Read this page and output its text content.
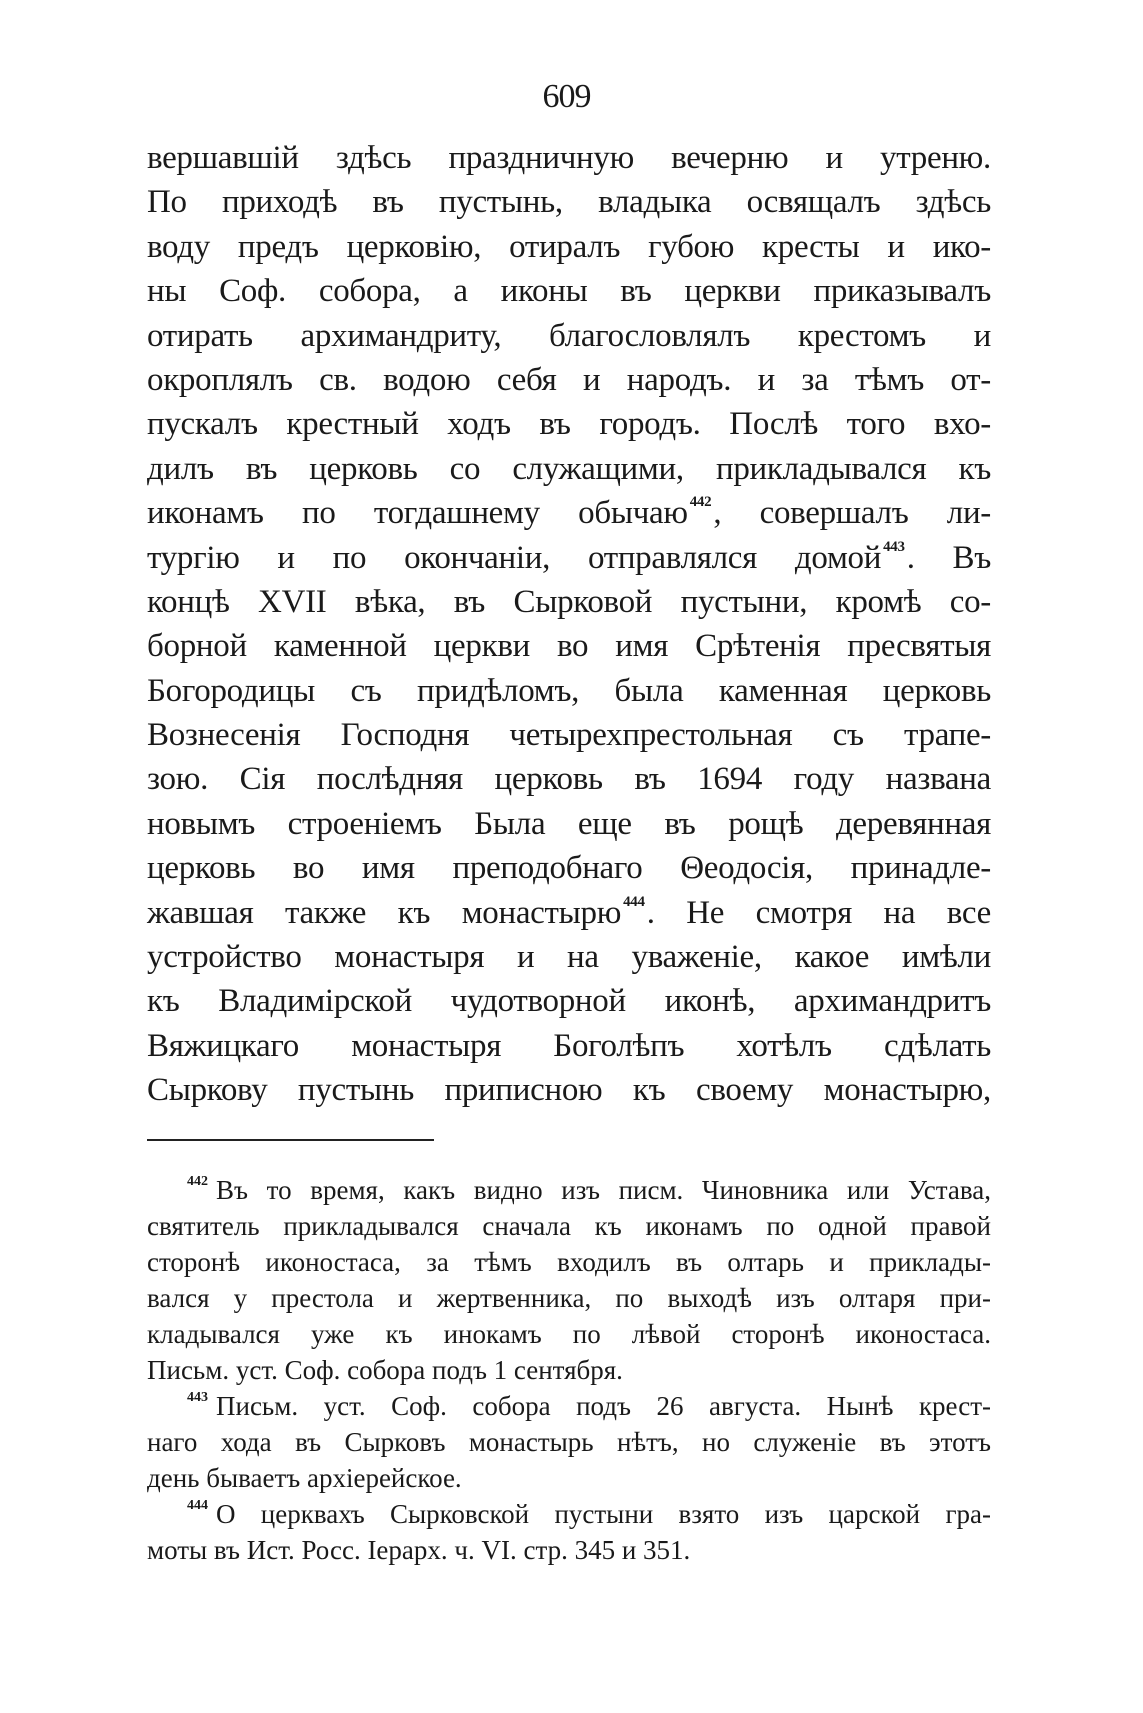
609
вершавшій здѣсь праздничную вечерню и утреню.
По приходѣ въ пустынь, владыка освящалъ здѣсь
воду предъ церковію, отиралъ губою кресты и ико-
ны Соф. собора, а иконы въ церкви приказывалъ
отирать архимандриту, благословлялъ крестомъ и
окроплялъ св. водою себя и народъ. и за тѣмъ от-
пускалъ крестный ходъ въ городъ. Послѣ того вхо-
дилъ въ церковь со служащими, прикладывался къ
иконамъ по тогдашнему обычаю $^{442}$, совершалъ ли-
тургію и по окончаніи, отправлялся домой $^{443}$. Въ
концѣ XVII вѣка, въ Сырковой пустыни, кромѣ со-
борной каменной церкви во имя Срѣтенія пресвятыя
Богородицы съ придѣломъ, была каменная церковь
Вознесенія Господня четырехпрестольная съ трапе-
зою. Сія послѣдняя церковь въ 1694 году названа
новымъ строеніемъ Была еще въ рощѣ деревянная
церковь во имя преподобнаго Θеодосія, принадле-
жавшая также къ монастырю $^{444}$. Не смотря на все
устройство монастыря и на уваженіе, какое имѣли
къ Владимірской чудотворной иконѣ, архимандритъ
Вяжицкаго монастыря Боголѣпъ хотѣлъ сдѣлать
Сыркову пустынь приписною къ своему монастырю,
$^{442}$ Въ то время, какъ видно изъ писм. Чиновника или Устава,
святитель прикладывался сначала къ иконамъ по одной правой
сторонѣ иконостаса, за тѣмъ входилъ въ олтарь и приклады-
вался у престола и жертвенника, по выходѣ изъ олтаря при-
кладывался уже къ инокамъ по лѣвой сторонѣ иконостаса.
Письм. уст. Соф. собора подъ 1 сентября.
$^{443}$ Письм. уст. Соф. собора подъ 26 августа. Нынѣ крест-
наго хода въ Сырковъ монастырь нѣтъ, но служеніе въ этотъ
день бываетъ архіерейское.
$^{444}$ О церквахъ Сырковской пустыни взято изъ царской гра-
моты въ Ист. Росс. Іерарх. ч. VI. стр. 345 и 351.
